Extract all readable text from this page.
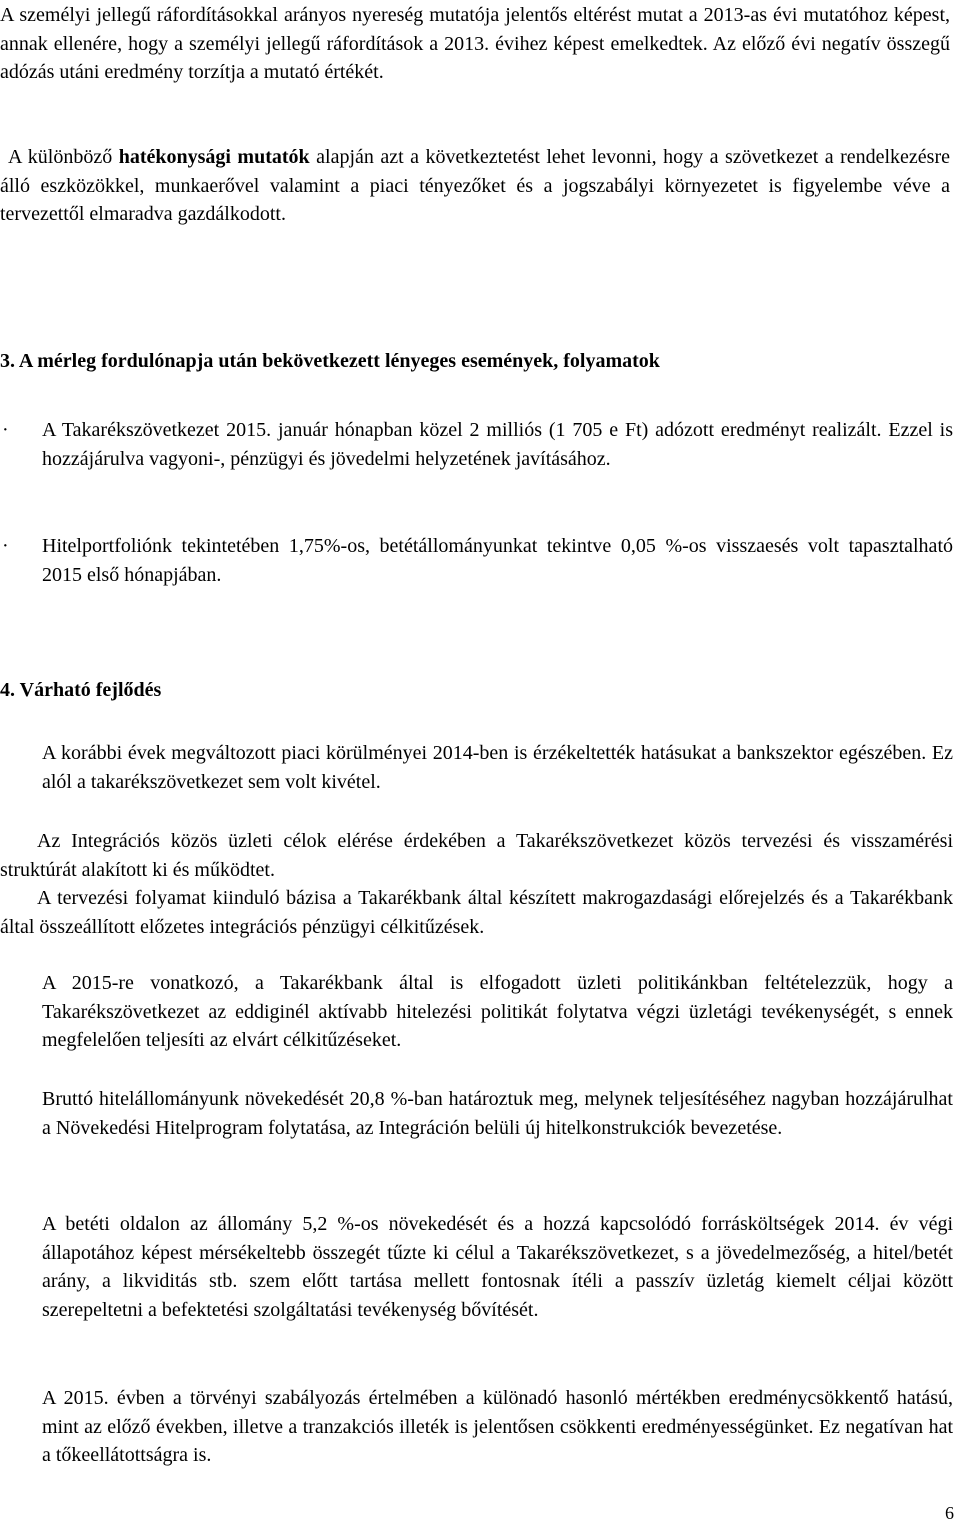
A személyi jellegű ráfordításokkal arányos nyereség mutatója jelentős eltérést mutat a 2013-as évi mutatóhoz képest, annak ellenére, hogy a személyi jellegű ráfordítások a 2013. évihez képest emelkedtek. Az előző évi negatív összegű adózás utáni eredmény torzítja a mutató értékét.

A különböző hatékonysági mutatók alapján azt a következtetést lehet levonni, hogy a szövetkezet a rendelkezésre álló eszközökkel, munkaerővel valamint a piaci tényezőket és a jogszabályi környezetet is figyelembe véve a tervezettől elmaradva gazdálkodott.

3. A mérleg fordulónapja után bekövetkezett lényeges események, folyamatok
· A Takarékszövetkezet 2015. január hónapban közel 2 milliós (1 705 e Ft) adózott eredményt realizált. Ezzel is hozzájárulva vagyoni-, pénzügyi és jövedelmi helyzetének javításához.

· Hitelportfoliónk tekintetében 1,75%-os, betétállományunkat tekintve 0,05 %-os visszaesés volt tapasztalható 2015 első hónapjában.

4. Várható fejlődés

A korábbi évek megváltozott piaci körülményei 2014-ben is érzékeltették hatásukat a bankszektor egészében. Ez alól a takarékszövetkezet sem volt kivétel.

Az Integrációs közös üzleti célok elérése érdekében a Takarékszövetkezet közös tervezési és visszamérési struktúrát alakított ki és működtet.

A tervezési folyamat kiinduló bázisa a Takarékbank által készített makrogazdasági előrejelzés és a Takarékbank által összeállított előzetes integrációs pénzügyi célkitűzések.

A 2015-re vonatkozó, a Takarékbank által is elfogadott üzleti politikánkban feltételezzük, hogy a Takarékszövetkezet az eddiginél aktívabb hitelezési politikát folytatva végzi üzletági tevékenységét, s ennek megfelelően teljesíti az elvárt célkitűzéseket.

Bruttó hitelállományunk növekedését 20,8 %-ban határoztuk meg, melynek teljesítéséhez nagyban hozzájárulhat a Növekedési Hitelprogram folytatása, az Integráción belüli új hitelkonstrukciók bevezetése.

A betéti oldalon az állomány 5,2 %-os növekedését és a hozzá kapcsolódó forrásköltségek 2014. év végi állapotához képest mérsékeltebb összegét tűzte ki célul a Takarékszövetkezet, s a jövedelmezőség, a hitel/betét arány, a likviditás stb. szem előtt tartása mellett fontosnak ítéli a passzív üzletág kiemelt céljai között szerepeltetni a befektetési szolgáltatási tevékenység bővítését.

A 2015. évben a törvényi szabályozás értelmében a különadó hasonló mértékben eredménycsökkentő hatású, mint az előző években, illetve a tranzakciós illeték is jelentősen csökkenti eredményességünket. Ez negatívan hat a tőkeellátottságra is.

6
